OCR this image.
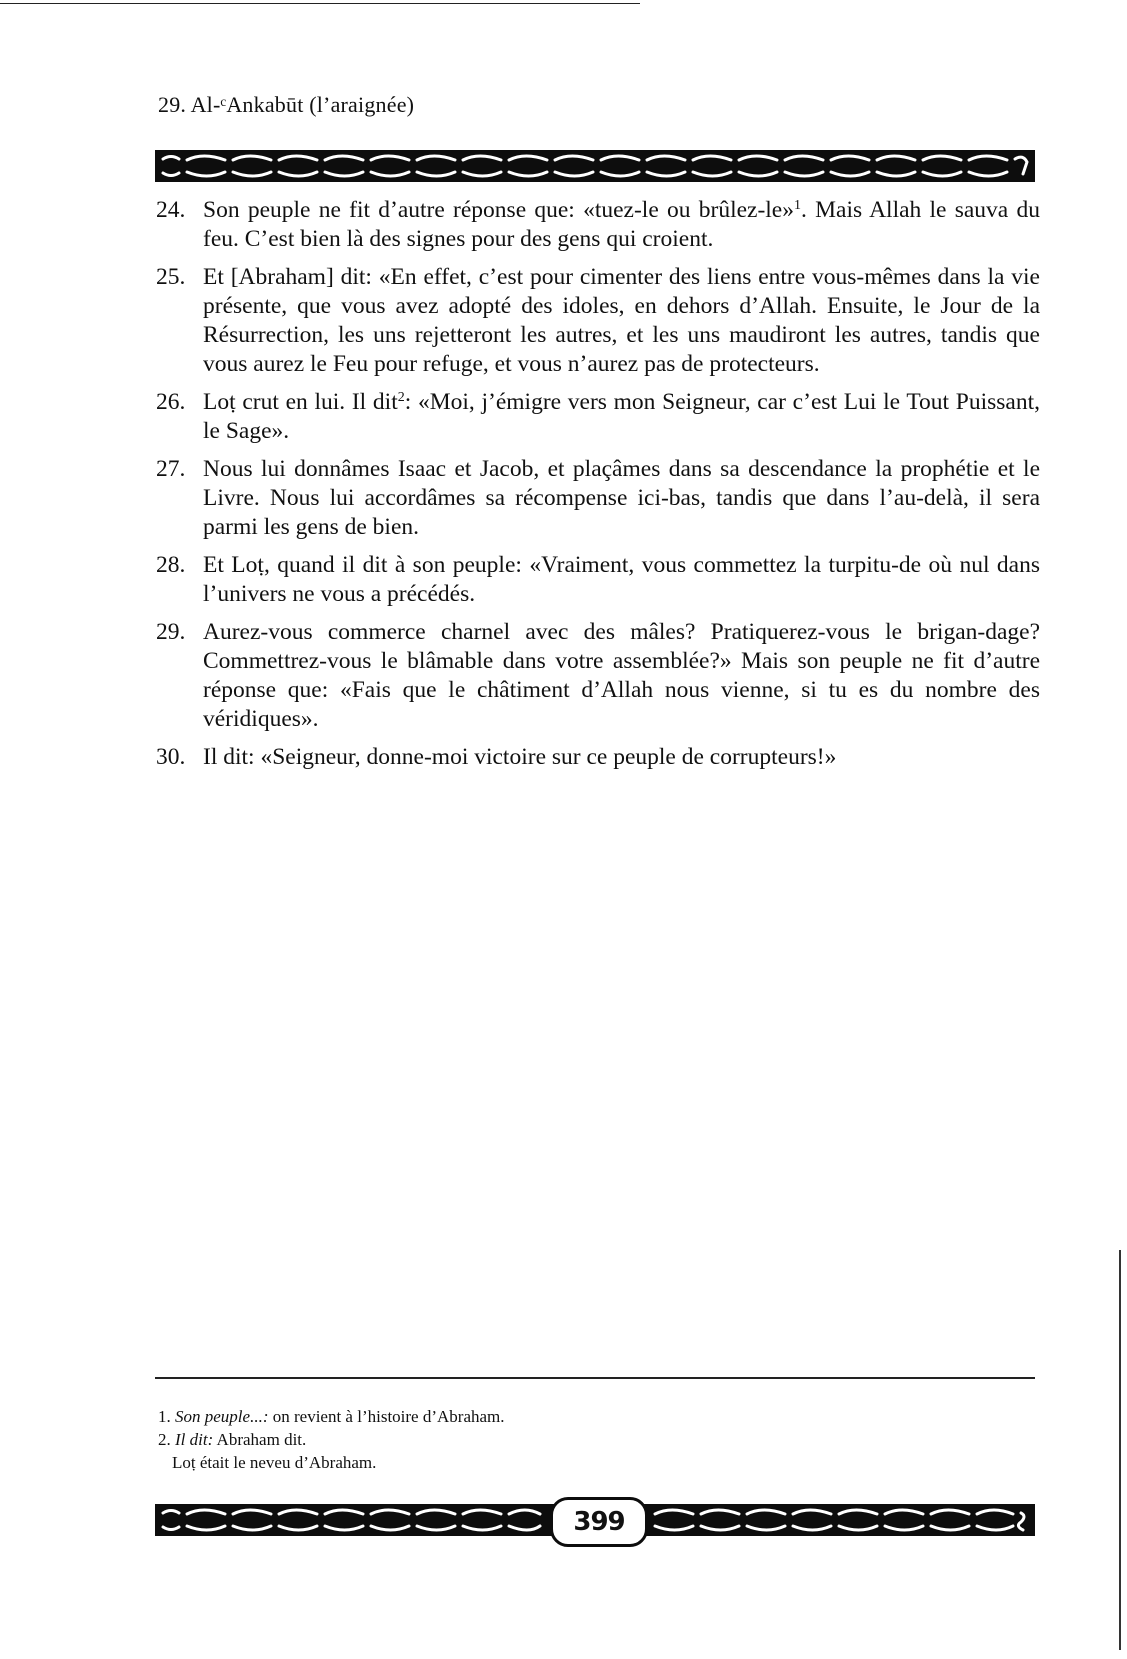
29. Al-ᶜAnkabūt (l’araignée)
24. Son peuple ne fit d’autre réponse que: «tuez-le ou brûlez-le»$^1$. Mais Allah le sauva du feu. C’est bien là des signes pour des gens qui croient.
25. Et [Abraham] dit: «En effet, c’est pour cimenter des liens entre vous-mêmes dans la vie présente, que vous avez adopté des idoles, en dehors d’Allah. Ensuite, le Jour de la Résurrection, les uns rejetteront les autres, et les uns maudiront les autres, tandis que vous aurez le Feu pour refuge, et vous n’aurez pas de protecteurs.
26. Loṭ crut en lui. Il dit$^2$: «Moi, j’émigre vers mon Seigneur, car c’est Lui le Tout Puissant, le Sage».
27. Nous lui donnâmes Isaac et Jacob, et plaçâmes dans sa descendance la prophétie et le Livre. Nous lui accordâmes sa récompense ici-bas, tandis que dans l’au-delà, il sera parmi les gens de bien.
28. Et Loṭ, quand il dit à son peuple: «Vraiment, vous commettez la turpitu-de où nul dans l’univers ne vous a précédés.
29. Aurez-vous commerce charnel avec des mâles? Pratiquerez-vous le brigan-dage? Commettrez-vous le blâmable dans votre assemblée?» Mais son peuple ne fit d’autre réponse que: «Fais que le châtiment d’Allah nous vienne, si tu es du nombre des véridiques».
30. Il dit: «Seigneur, donne-moi victoire sur ce peuple de corrupteurs!»

1. Son peuple...: on revient à l’histoire d’Abraham.

2. Il dit: Abraham dit.

Loṭ était le neveu d’Abraham.

399
